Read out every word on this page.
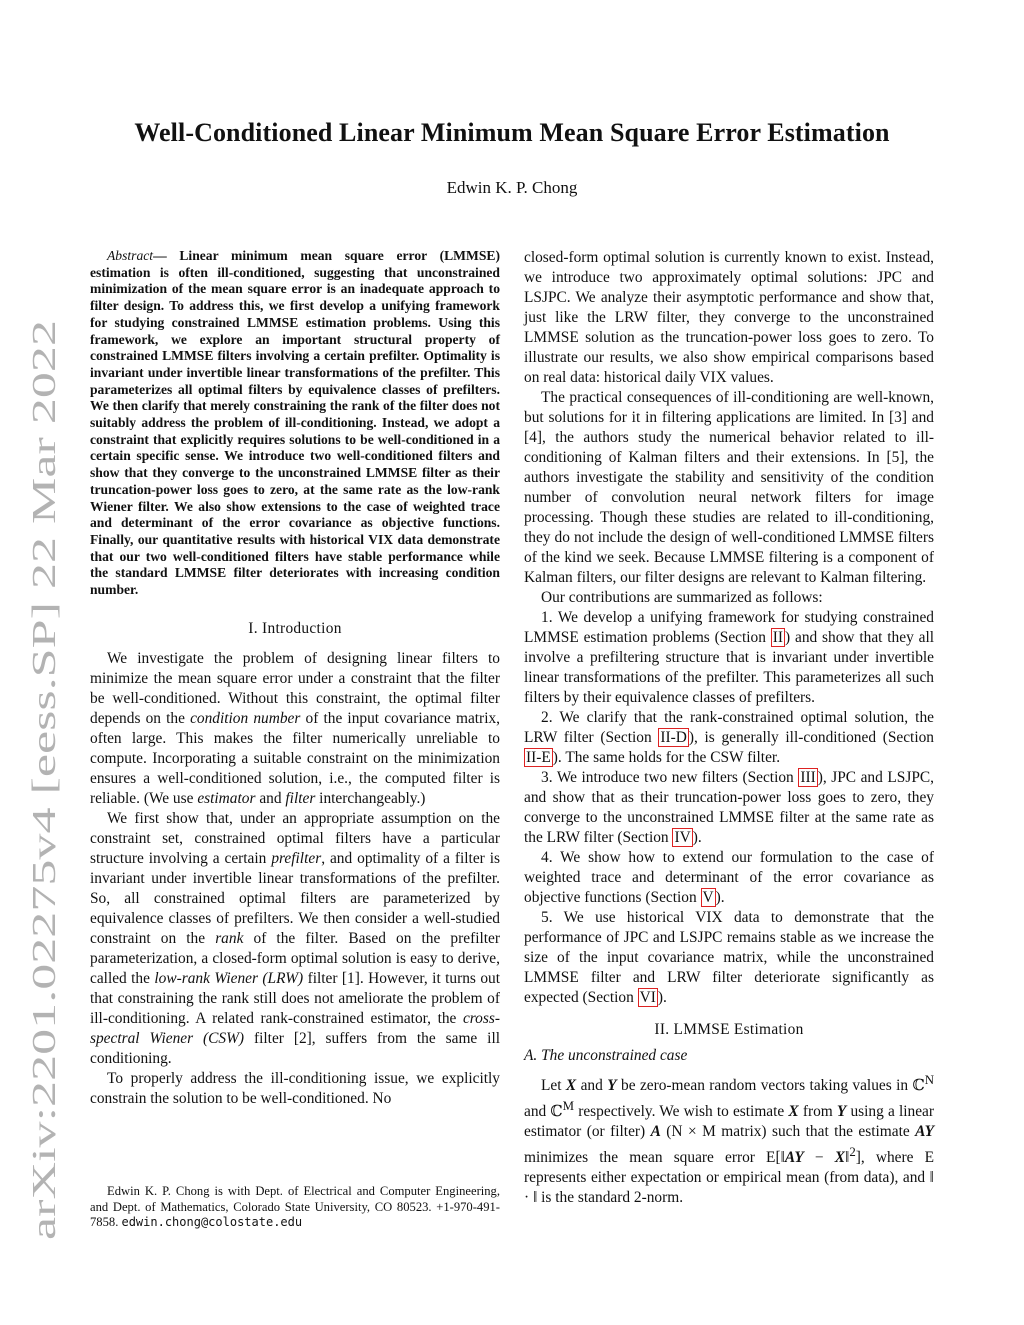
arXiv:2201.02275v4 [eess.SP] 22 Mar 2022
Well-Conditioned Linear Minimum Mean Square Error Estimation
Edwin K. P. Chong

Abstract— Linear minimum mean square error (LMMSE) estimation is often ill-conditioned, suggesting that unconstrained minimization of the mean square error is an inadequate approach to filter design. To address this, we first develop a unifying framework for studying constrained LMMSE estimation problems. Using this framework, we explore an important structural property of constrained LMMSE filters involving a certain prefilter. Optimality is invariant under invertible linear transformations of the prefilter. This parameterizes all optimal filters by equivalence classes of prefilters. We then clarify that merely constraining the rank of the filter does not suitably address the problem of ill-conditioning. Instead, we adopt a constraint that explicitly requires solutions to be well-conditioned in a certain specific sense. We introduce two well-conditioned filters and show that they converge to the unconstrained LMMSE filter as their truncation-power loss goes to zero, at the same rate as the low-rank Wiener filter. We also show extensions to the case of weighted trace and determinant of the error covariance as objective functions. Finally, our quantitative results with historical VIX data demonstrate that our two well-conditioned filters have stable performance while the standard LMMSE filter deteriorates with increasing condition number.

I. Introduction

We investigate the problem of designing linear filters to minimize the mean square error under a constraint that the filter be well-conditioned. Without this constraint, the optimal filter depends on the condition number of the input covariance matrix, often large. This makes the filter numerically unreliable to compute. Incorporating a suitable constraint on the minimization ensures a well-conditioned solution, i.e., the computed filter is reliable. (We use estimator and filter interchangeably.)

We first show that, under an appropriate assumption on the constraint set, constrained optimal filters have a particular structure involving a certain prefilter, and optimality of a filter is invariant under invertible linear transformations of the prefilter. So, all constrained optimal filters are parameterized by equivalence classes of prefilters. We then consider a well-studied constraint on the rank of the filter. Based on the prefilter parameterization, a closed-form optimal solution is easy to derive, called the low-rank Wiener (LRW) filter [1]. However, it turns out that constraining the rank still does not ameliorate the problem of ill-conditioning. A related rank-constrained estimator, the cross-spectral Wiener (CSW) filter [2], suffers from the same ill conditioning.

To properly address the ill-conditioning issue, we explicitly constrain the solution to be well-conditioned. No

Edwin K. P. Chong is with Dept. of Electrical and Computer Engineering, and Dept. of Mathematics, Colorado State University, CO 80523. +1-970-491-7858. edwin.chong@colostate.edu

closed-form optimal solution is currently known to exist. Instead, we introduce two approximately optimal solutions: JPC and LSJPC. We analyze their asymptotic performance and show that, just like the LRW filter, they converge to the unconstrained LMMSE solution as the truncation-power loss goes to zero. To illustrate our results, we also show empirical comparisons based on real data: historical daily VIX values.

The practical consequences of ill-conditioning are well-known, but solutions for it in filtering applications are limited. In [3] and [4], the authors study the numerical behavior related to ill-conditioning of Kalman filters and their extensions. In [5], the authors investigate the stability and sensitivity of the condition number of convolution neural network filters for image processing. Though these studies are related to ill-conditioning, they do not include the design of well-conditioned LMMSE filters of the kind we seek. Because LMMSE filtering is a component of Kalman filters, our filter designs are relevant to Kalman filtering.

Our contributions are summarized as follows:

1. We develop a unifying framework for studying constrained LMMSE estimation problems (Section II ) and show that they all involve a prefiltering structure that is invariant under invertible linear transformations of the prefilter. This parameterizes all such filters by their equivalence classes of prefilters.

2. We clarify that the rank-constrained optimal solution, the LRW filter (Section II-D ), is generally ill-conditioned (Section II-E ). The same holds for the CSW filter.

3. We introduce two new filters (Section III ), JPC and LSJPC, and show that as their truncation-power loss goes to zero, they converge to the unconstrained LMMSE filter at the same rate as the LRW filter (Section IV ).

4. We show how to extend our formulation to the case of weighted trace and determinant of the error covariance as objective functions (Section V ).

5. We use historical VIX data to demonstrate that the performance of JPC and LSJPC remains stable as we increase the size of the input covariance matrix, while the unconstrained LMMSE filter and LRW filter deteriorate significantly as expected (Section VI ).

II. LMMSE Estimation
A. The unconstrained case

Let X and Y be zero-mean random vectors taking values in ℂ$^N$ and ℂ$^M$ respectively. We wish to estimate X from Y using a linear estimator (or filter) A (N × M matrix) such that the estimate AY minimizes the mean square error E[‖AY − X‖$^2$], where E represents either expectation or empirical mean (from data), and ‖ · ‖ is the standard 2-norm.
